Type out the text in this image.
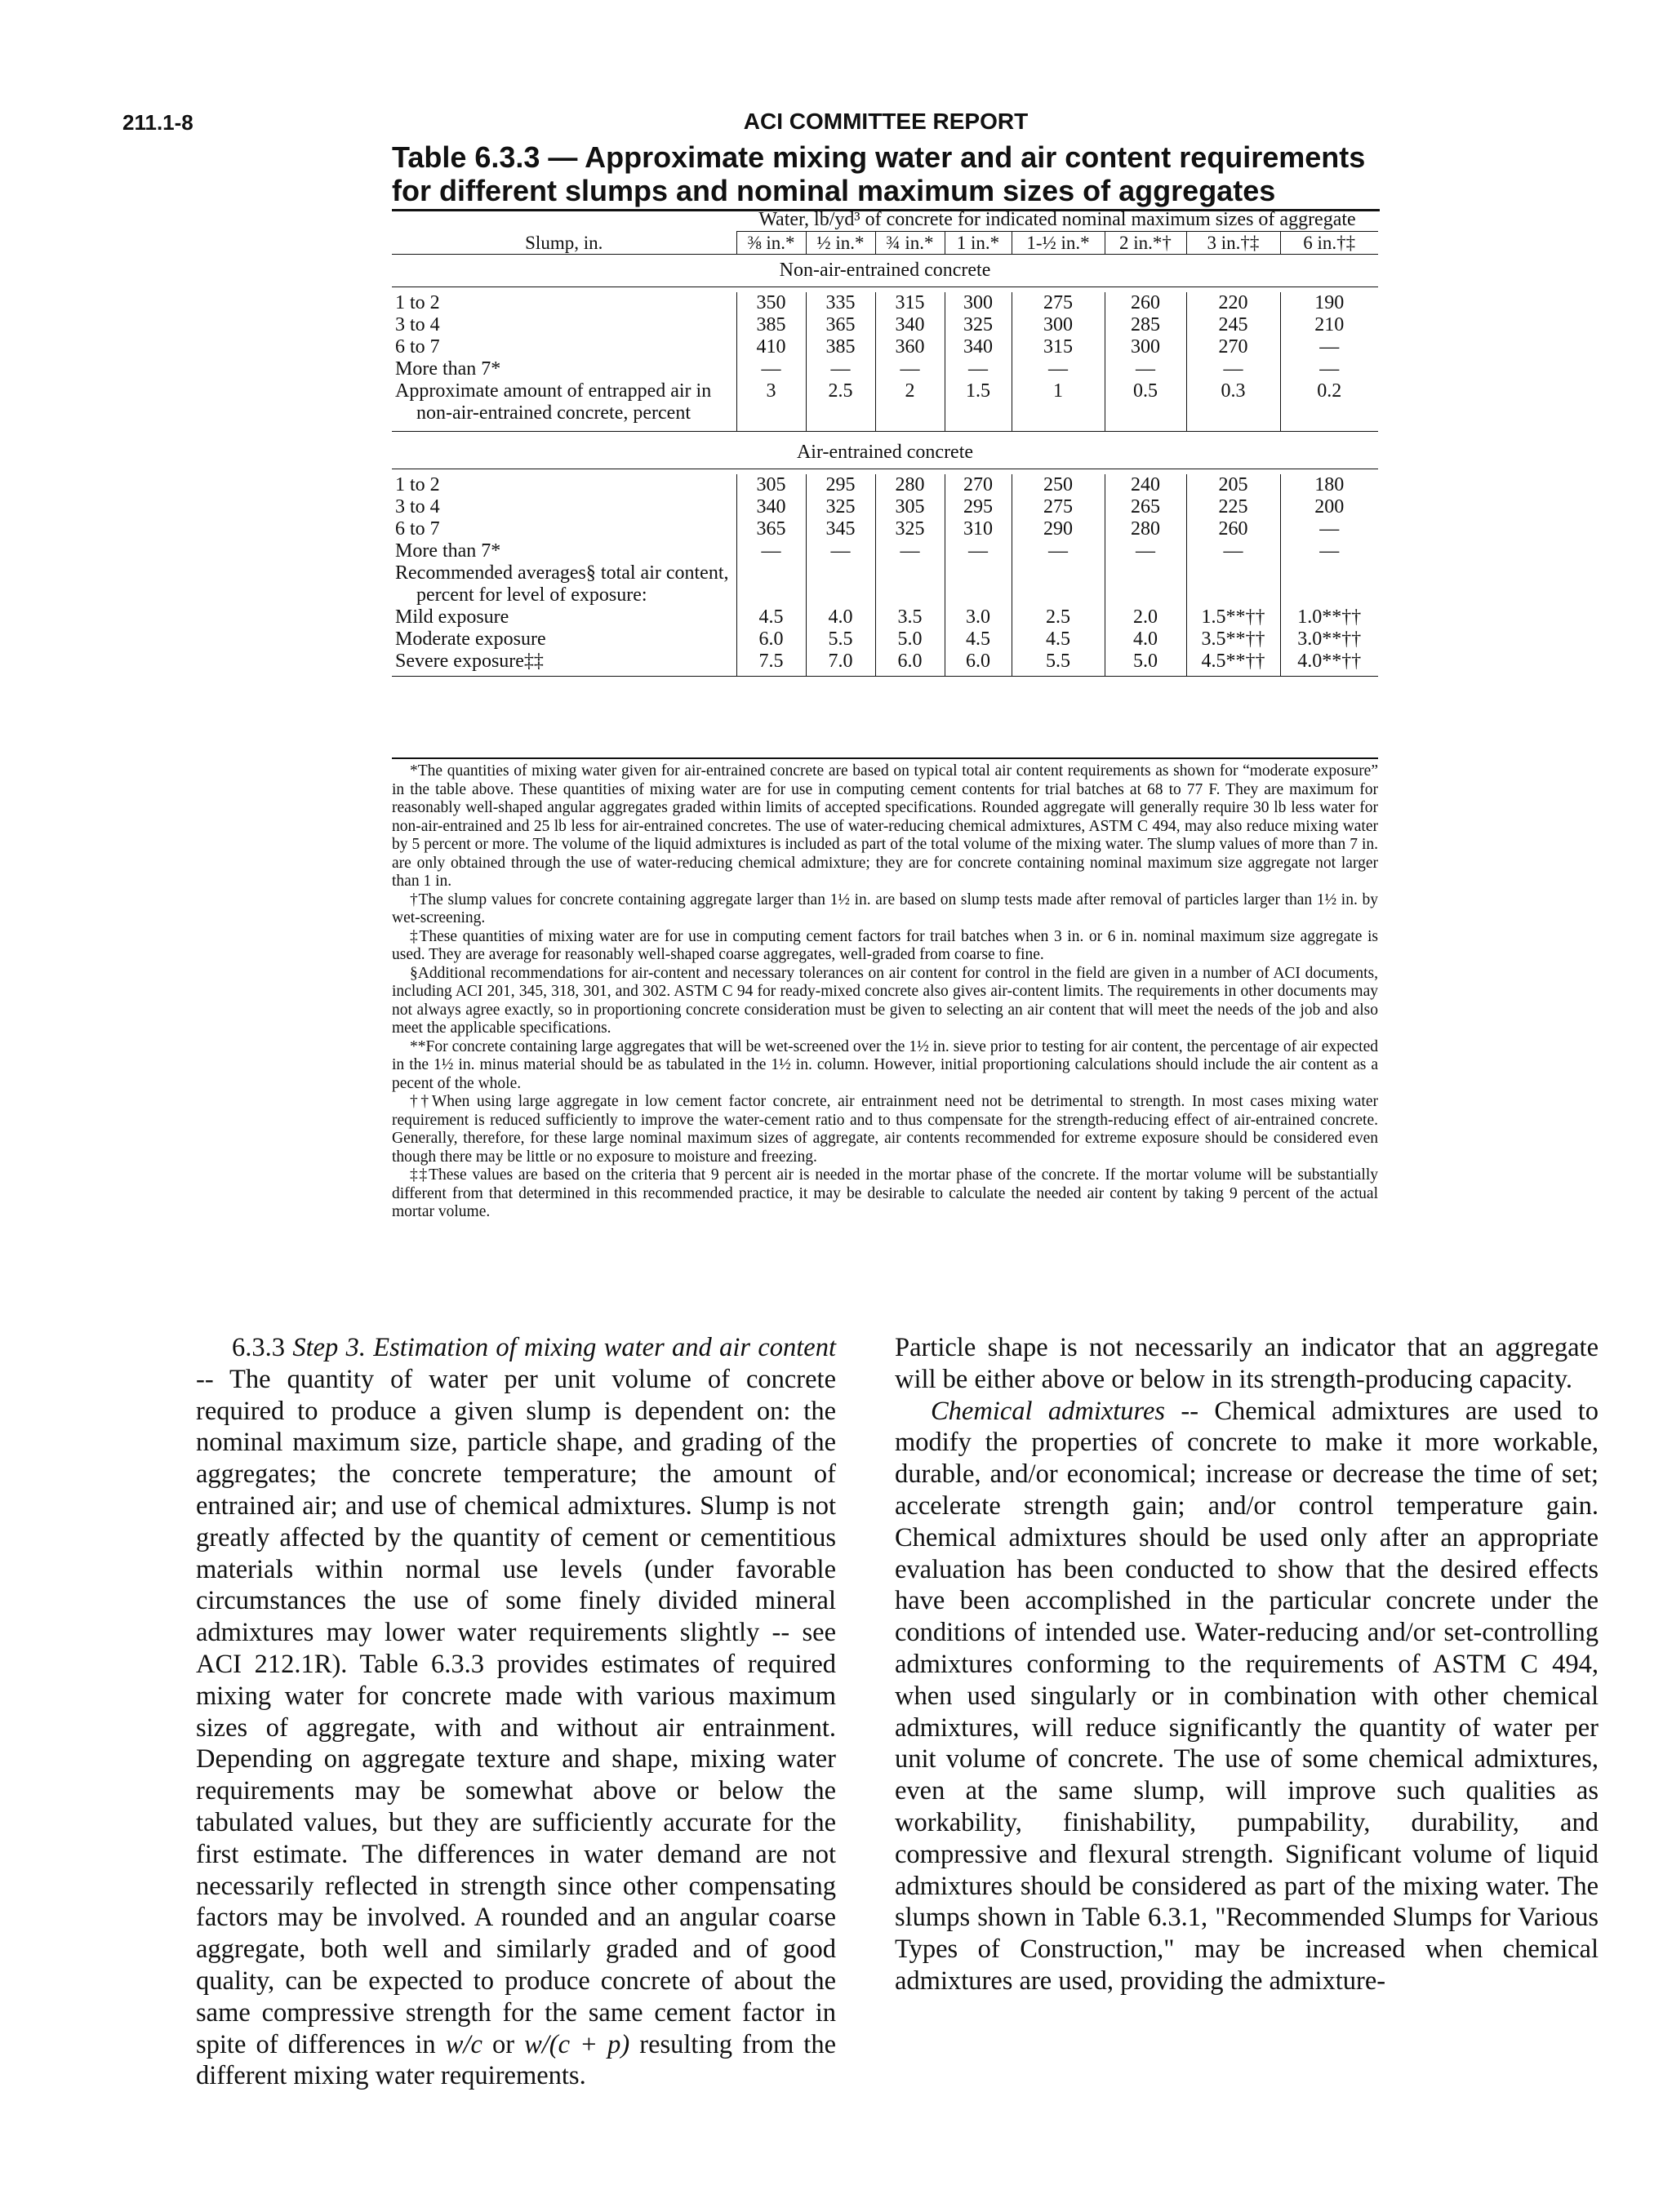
211.1-8	ACI COMMITTEE REPORT
Table 6.3.3 — Approximate mixing water and air content requirements for different slumps and nominal maximum sizes of aggregates
	Water, lb/yd³ of concrete for indicated nominal maximum sizes of aggregate							
Slump, in.	⅜ in.*	½ in.*	¾ in.*	1 in.*	1-½ in.*	2 in.*†	3 in.†‡	6 in.†‡
Non-air-entrained concrete								

1 to 2	350	335	315	300	275	260	220	190
3 to 4	385	365	340	325	300	285	245	210
6 to 7	410	385	360	340	315	300	270	—
More than 7*	—	—	—	—	—	—	—	—
Approximate amount of entrapped air in non-air-entrained concrete, percent	3	2.5	2	1.5	1	0.5	0.3	0.2

Air-entrained concrete								

1 to 2	305	295	280	270	250	240	205	180
3 to 4	340	325	305	295	275	265	225	200
6 to 7	365	345	325	310	290	280	260	—
More than 7*	—	—	—	—	—	—	—	—
Recommended averages§ total air content, percent for level of exposure:								
Mild exposure	4.5	4.0	3.5	3.0	2.5	2.0	1.5**††	1.0**††
Moderate exposure	6.0	5.5	5.0	4.5	4.5	4.0	3.5**††	3.0**††
Severe exposure‡‡	7.5	7.0	6.0	6.0	5.5	5.0	4.5**††	4.0**††

*The quantities of mixing water given for air-entrained concrete are based on typical total air content requirements as shown for “moderate exposure” in the table above. These quantities of mixing water are for use in computing cement contents for trial batches at 68 to 77 F. They are maximum for reasonably well-shaped angular aggregates graded within limits of accepted specifications. Rounded aggregate will generally require 30 lb less water for non-air-entrained and 25 lb less for air-entrained concretes. The use of water-reducing chemical admixtures, ASTM C 494, may also reduce mixing water by 5 percent or more. The volume of the liquid admixtures is included as part of the total volume of the mixing water. The slump values of more than 7 in. are only obtained through the use of water-reducing chemical admixture; they are for concrete containing nominal maximum size aggregate not larger than 1 in.

†The slump values for concrete containing aggregate larger than 1½ in. are based on slump tests made after removal of particles larger than 1½ in. by wet-screening.

‡These quantities of mixing water are for use in computing cement factors for trail batches when 3 in. or 6 in. nominal maximum size aggregate is used. They are average for reasonably well-shaped coarse aggregates, well-graded from coarse to fine.

§Additional recommendations for air-content and necessary tolerances on air content for control in the field are given in a number of ACI documents, including ACI 201, 345, 318, 301, and 302. ASTM C 94 for ready-mixed concrete also gives air-content limits. The requirements in other documents may not always agree exactly, so in proportioning concrete consideration must be given to selecting an air content that will meet the needs of the job and also meet the applicable specifications.

**For concrete containing large aggregates that will be wet-screened over the 1½ in. sieve prior to testing for air content, the percentage of air expected in the 1½ in. minus material should be as tabulated in the 1½ in. column. However, initial proportioning calculations should include the air content as a pecent of the whole.

††When using large aggregate in low cement factor concrete, air entrainment need not be detrimental to strength. In most cases mixing water requirement is reduced sufficiently to improve the water-cement ratio and to thus compensate for the strength-reducing effect of air-entrained concrete. Generally, therefore, for these large nominal maximum sizes of aggregate, air contents recommended for extreme exposure should be considered even though there may be little or no exposure to moisture and freezing.

‡‡These values are based on the criteria that 9 percent air is needed in the mortar phase of the concrete. If the mortar volume will be substantially different from that determined in this recommended practice, it may be desirable to calculate the needed air content by taking 9 percent of the actual mortar volume.

6.3.3 Step 3. Estimation of mixing water and air content -- The quantity of water per unit volume of concrete required to produce a given slump is dependent on: the nominal maximum size, particle shape, and grading of the aggregates; the concrete temperature; the amount of entrained air; and use of chemical admixtures. Slump is not greatly affected by the quantity of cement or cementitious materials within normal use levels (under favorable circumstances the use of some finely divided mineral admixtures may lower water requirements slightly -- see ACI 212.1R). Table 6.3.3 provides estimates of required mixing water for concrete made with various maximum sizes of aggregate, with and without air entrainment. Depending on aggregate texture and shape, mixing water requirements may be somewhat above or below the tabulated values, but they are sufficiently accurate for the first estimate. The differences in water demand are not necessarily reflected in strength since other compensating factors may be involved. A rounded and an angular coarse aggregate, both well and similarly graded and of good quality, can be expected to produce concrete of about the same compressive strength for the same cement factor in spite of differences in w/c or w/(c + p) resulting from the different mixing water requirements.

Particle shape is not necessarily an indicator that an aggregate will be either above or below in its strength-producing capacity.

Chemical admixtures -- Chemical admixtures are used to modify the properties of concrete to make it more workable, durable, and/or economical; increase or decrease the time of set; accelerate strength gain; and/or control temperature gain. Chemical admixtures should be used only after an appropriate evaluation has been conducted to show that the desired effects have been accomplished in the particular concrete under the conditions of intended use. Water-reducing and/or set-controlling admixtures conforming to the requirements of ASTM C 494, when used singularly or in combination with other chemical admixtures, will reduce significantly the quantity of water per unit volume of concrete. The use of some chemical admixtures, even at the same slump, will improve such qualities as workability, finishability, pumpability, durability, and compressive and flexural strength. Significant volume of liquid admixtures should be considered as part of the mixing water. The slumps shown in Table 6.3.1, "Recommended Slumps for Various Types of Construction," may be increased when chemical admixtures are used, providing the admixture-
